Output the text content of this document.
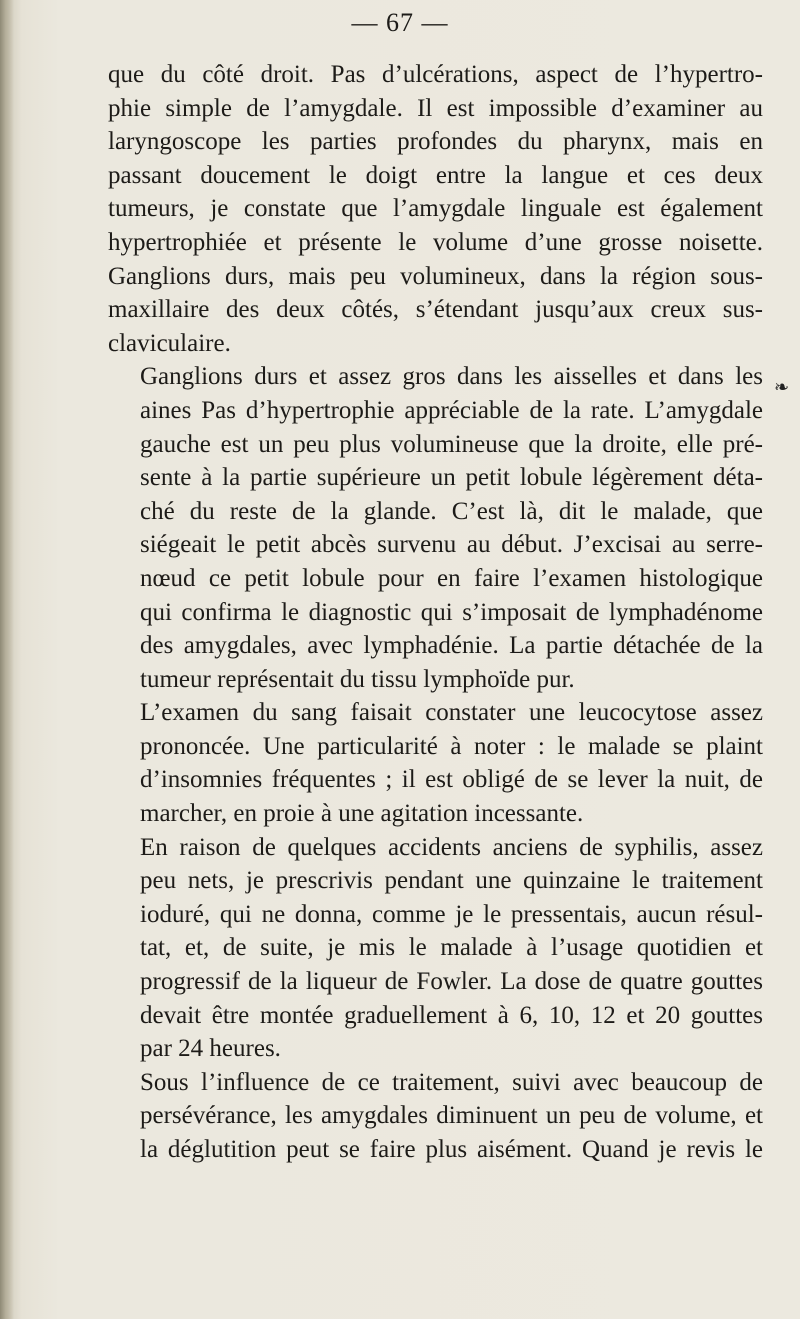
— 67 —
❧

que du côté droit. Pas d’ulcérations, aspect de l’hypertro-
phie simple de l’amygdale. Il est impossible d’examiner au
laryngoscope les parties profondes du pharynx, mais en
passant doucement le doigt entre la langue et ces deux
tumeurs, je constate que l’amygdale linguale est également
hypertrophiée et présente le volume d’une grosse noisette.
Ganglions durs, mais peu volumineux, dans la région sous-
maxillaire des deux côtés, s’étendant jusqu’aux creux sus-
claviculaire.

Ganglions durs et assez gros dans les aisselles et dans les
aines Pas d’hypertrophie appréciable de la rate. L’amygdale
gauche est un peu plus volumineuse que la droite, elle pré-
sente à la partie supérieure un petit lobule légèrement déta-
ché du reste de la glande. C’est là, dit le malade, que
siégeait le petit abcès survenu au début. J’excisai au serre-
nœud ce petit lobule pour en faire l’examen histologique
qui confirma le diagnostic qui s’imposait de lymphadénome
des amygdales, avec lymphadénie. La partie détachée de la
tumeur représentait du tissu lymphoïde pur.

L’examen du sang faisait constater une leucocytose assez
prononcée. Une particularité à noter : le malade se plaint
d’insomnies fréquentes ; il est obligé de se lever la nuit, de
marcher, en proie à une agitation incessante.

En raison de quelques accidents anciens de syphilis, assez
peu nets, je prescrivis pendant une quinzaine le traitement
ioduré, qui ne donna, comme je le pressentais, aucun résul-
tat, et, de suite, je mis le malade à l’usage quotidien et
progressif de la liqueur de Fowler. La dose de quatre gouttes
devait être montée graduellement à 6, 10, 12 et 20 gouttes
par 24 heures.

Sous l’influence de ce traitement, suivi avec beaucoup de
persévérance, les amygdales diminuent un peu de volume, et
la déglutition peut se faire plus aisément. Quand je revis le
